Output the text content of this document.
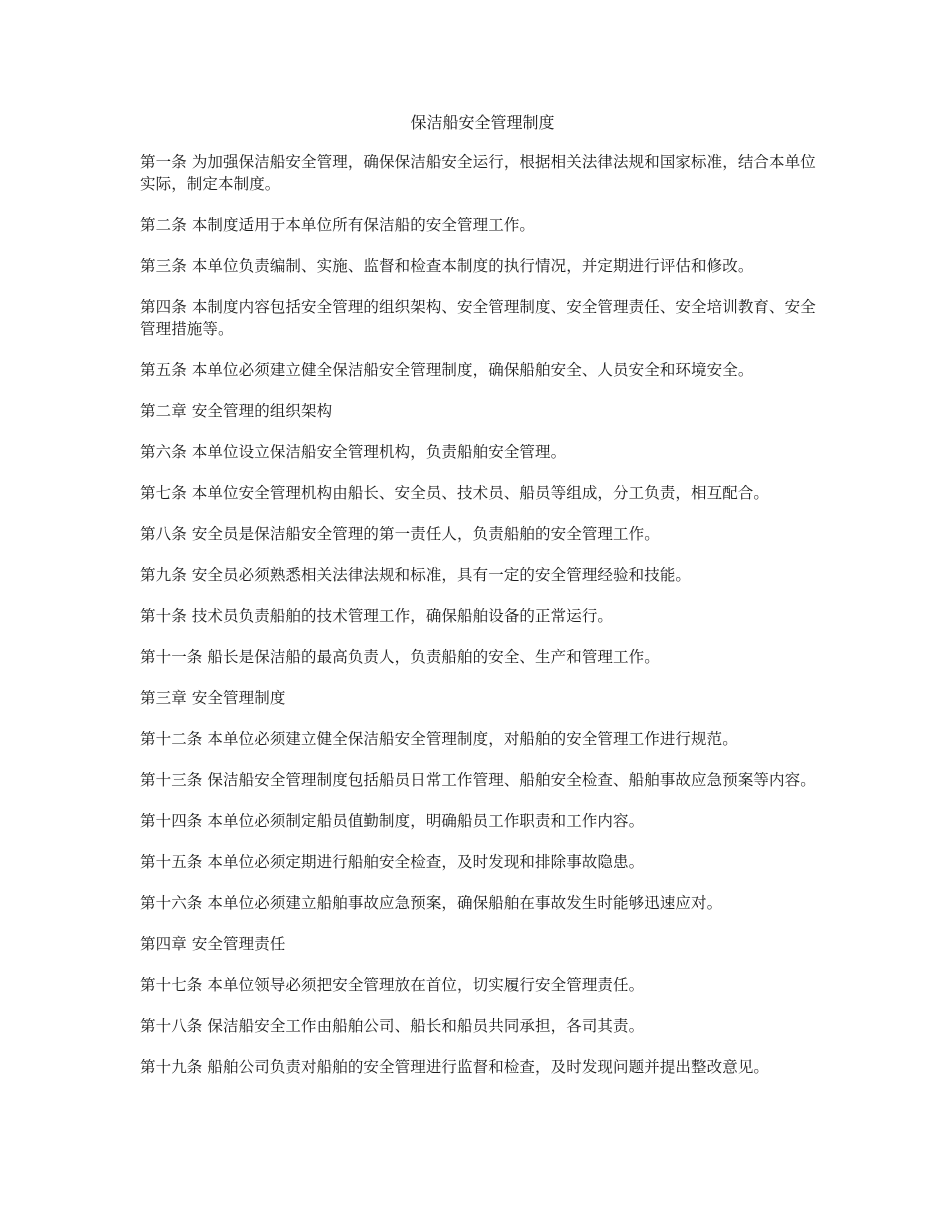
保洁船安全管理制度
第一条 为加强保洁船安全管理，确保保洁船安全运行，根据相关法律法规和国家标准，结合本单位实际，制定本制度。
第二条 本制度适用于本单位所有保洁船的安全管理工作。
第三条 本单位负责编制、实施、监督和检查本制度的执行情况，并定期进行评估和修改。
第四条 本制度内容包括安全管理的组织架构、安全管理制度、安全管理责任、安全培训教育、安全管理措施等。
第五条 本单位必须建立健全保洁船安全管理制度，确保船舶安全、人员安全和环境安全。
第二章 安全管理的组织架构
第六条 本单位设立保洁船安全管理机构，负责船舶安全管理。
第七条 本单位安全管理机构由船长、安全员、技术员、船员等组成，分工负责，相互配合。
第八条 安全员是保洁船安全管理的第一责任人，负责船舶的安全管理工作。
第九条 安全员必须熟悉相关法律法规和标准，具有一定的安全管理经验和技能。
第十条 技术员负责船舶的技术管理工作，确保船舶设备的正常运行。
第十一条 船长是保洁船的最高负责人，负责船舶的安全、生产和管理工作。
第三章 安全管理制度
第十二条 本单位必须建立健全保洁船安全管理制度，对船舶的安全管理工作进行规范。
第十三条 保洁船安全管理制度包括船员日常工作管理、船舶安全检查、船舶事故应急预案等内容。
第十四条 本单位必须制定船员值勤制度，明确船员工作职责和工作内容。
第十五条 本单位必须定期进行船舶安全检查，及时发现和排除事故隐患。
第十六条 本单位必须建立船舶事故应急预案，确保船舶在事故发生时能够迅速应对。
第四章 安全管理责任
第十七条 本单位领导必须把安全管理放在首位，切实履行安全管理责任。
第十八条 保洁船安全工作由船舶公司、船长和船员共同承担，各司其责。
第十九条 船舶公司负责对船舶的安全管理进行监督和检查，及时发现问题并提出整改意见。
